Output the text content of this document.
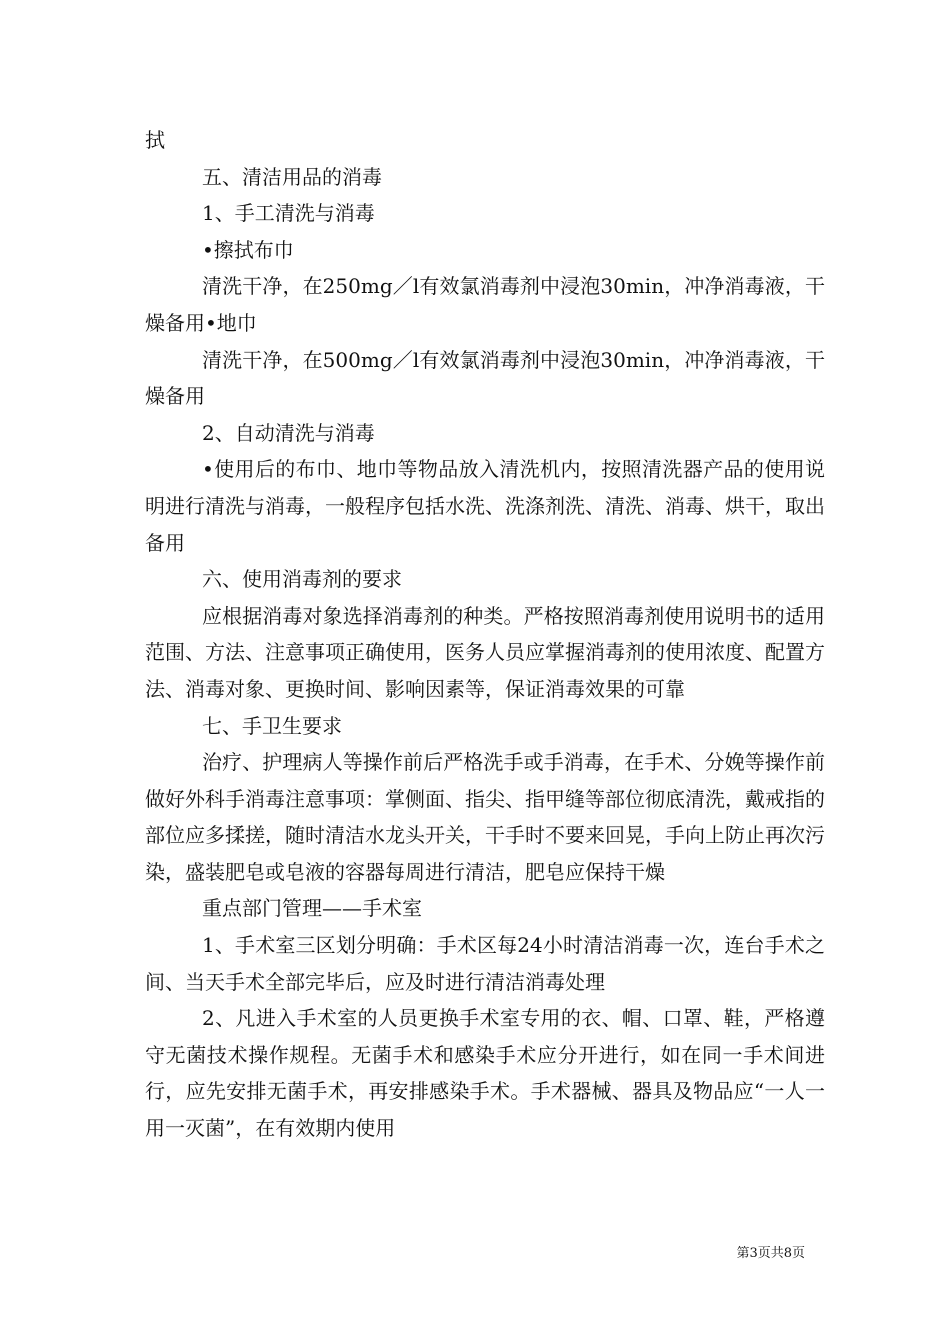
拭

五、清洁用品的消毒

1、手工清洗与消毒

•擦拭布巾

清洗干净，在250mg／l有效氯消毒剂中浸泡30min，冲净消毒液，干燥备用•地巾

清洗干净，在500mg／l有效氯消毒剂中浸泡30min，冲净消毒液，干燥备用

2、自动清洗与消毒

•使用后的布巾、地巾等物品放入清洗机内，按照清洗器产品的使用说明进行清洗与消毒，一般程序包括水洗、洗涤剂洗、清洗、消毒、烘干，取出备用

六、使用消毒剂的要求

应根据消毒对象选择消毒剂的种类。严格按照消毒剂使用说明书的适用范围、方法、注意事项正确使用，医务人员应掌握消毒剂的使用浓度、配置方法、消毒对象、更换时间、影响因素等，保证消毒效果的可靠

七、手卫生要求

治疗、护理病人等操作前后严格洗手或手消毒，在手术、分娩等操作前做好外科手消毒注意事项：掌侧面、指尖、指甲缝等部位彻底清洗，戴戒指的部位应多揉搓，随时清洁水龙头开关，干手时不要来回晃，手向上防止再次污染，盛装肥皂或皂液的容器每周进行清洁，肥皂应保持干燥

重点部门管理——手术室

1、手术室三区划分明确：手术区每24小时清洁消毒一次，连台手术之间、当天手术全部完毕后，应及时进行清洁消毒处理

2、凡进入手术室的人员更换手术室专用的衣、帽、口罩、鞋，严格遵守无菌技术操作规程。无菌手术和感染手术应分开进行，如在同一手术间进行，应先安排无菌手术，再安排感染手术。手术器械、器具及物品应“一人一用一灭菌”，在有效期内使用

第3页共8页
